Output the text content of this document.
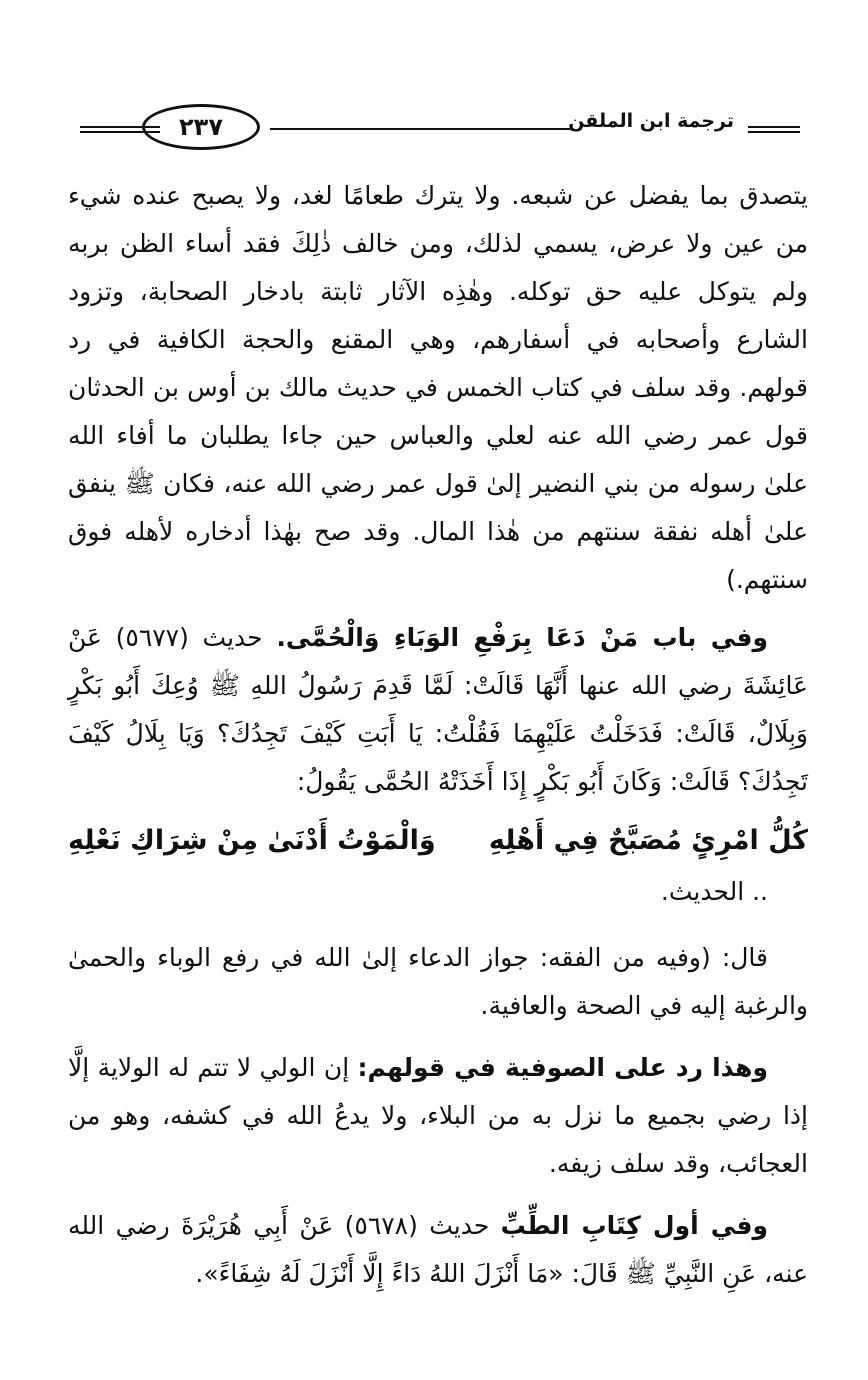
٢٣٧	ترجمة ابن الملقن

يتصدق بما يفضل عن شبعه. ولا يترك طعامًا لغد، ولا يصبح عنده شيء من عين ولا عرض، يسمي لذلك، ومن خالف ذٰلِكَ فقد أساء الظن بربه ولم يتوكل عليه حق توكله. وهٰذِه الآثار ثابتة بادخار الصحابة، وتزود الشارع وأصحابه في أسفارهم، وهي المقنع والحجة الكافية في رد قولهم. وقد سلف في كتاب الخمس في حديث مالك بن أوس بن الحدثان قول عمر رضي الله عنه لعلي والعباس حين جاءا يطلبان ما أفاء الله علىٰ رسوله من بني النضير إلىٰ قول عمر رضي الله عنه، فكان ﷺ ينفق علىٰ أهله نفقة سنتهم من هٰذا المال. وقد صح بهٰذا أدخاره لأهله فوق سنتهم.)

وفي باب مَنْ دَعَا بِرَفْعِ الوَبَاءِ وَالْحُمَّى. حديث (٥٦٧٧) عَنْ عَائِشَةَ رضي الله عنها أَنَّهَا قَالَتْ: لَمَّا قَدِمَ رَسُولُ اللهِ ﷺ وُعِكَ أَبُو بَكْرٍ وَبِلَالٌ، قَالَتْ: فَدَخَلْتُ عَلَيْهِمَا فَقُلْتُ: يَا أَبَتِ كَيْفَ تَجِدُكَ؟ وَيَا بِلَالُ كَيْفَ تَجِدُكَ؟ قَالَتْ: وَكَانَ أَبُو بَكْرٍ إِذَا أَخَذَتْهُ الحُمَّى يَقُولُ:

كُلُّ امْرِئٍ مُصَبَّحٌ فِي أَهْلِهِ
وَالْمَوْتُ أَدْنَىٰ مِنْ شِرَاكِ نَعْلِهِ

.. الحديث.

قال: (وفيه من الفقه: جواز الدعاء إلىٰ الله في رفع الوباء والحمىٰ والرغبة إليه في الصحة والعافية.

وهذا رد على الصوفية في قولهم: إن الولي لا تتم له الولاية إلَّا إذا رضي بجميع ما نزل به من البلاء، ولا يدعُ الله في كشفه، وهو من العجائب، وقد سلف زيفه.

وفي أول كِتَابِ الطِّبِّ حديث (٥٦٧٨) عَنْ أَبِي هُرَيْرَةَ رضي الله عنه، عَنِ النَّبِيِّ ﷺ قَالَ: «مَا أَنْزَلَ اللهُ دَاءً إِلَّا أَنْزَلَ لَهُ شِفَاءً».
